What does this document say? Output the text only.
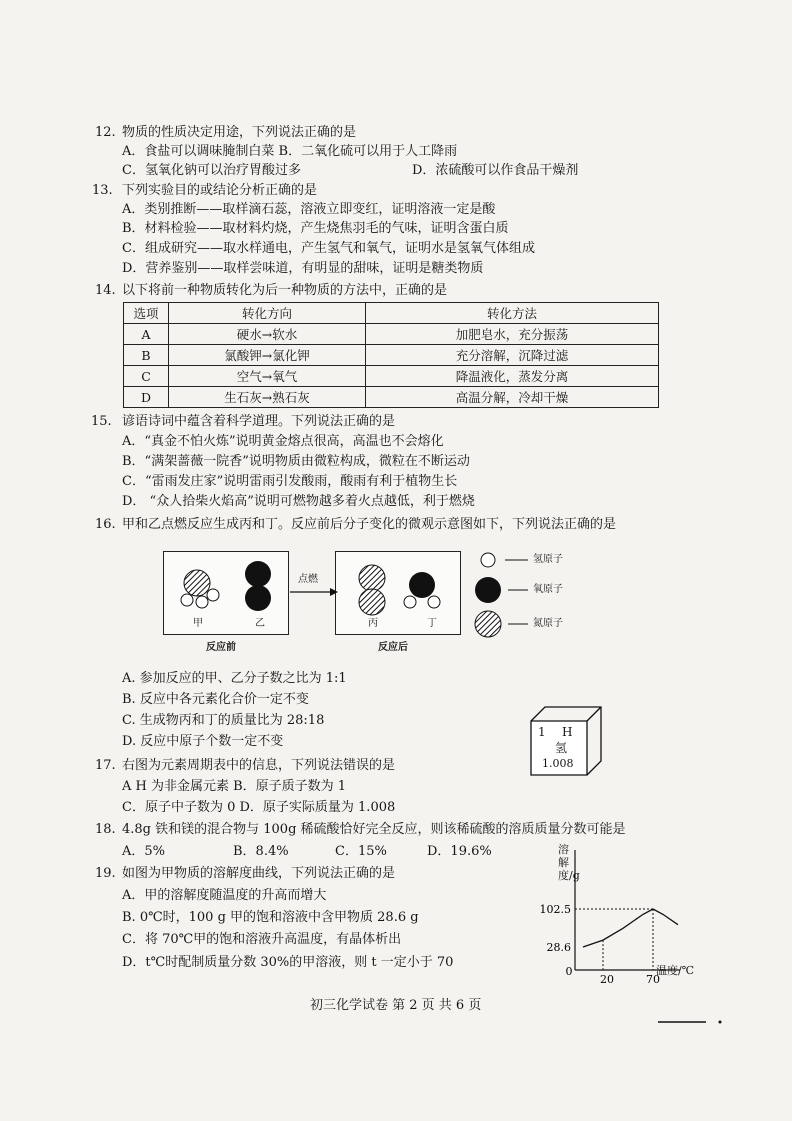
12. 物质的性质决定用途，下列说法正确的是
A．食盐可以调味腌制白菜 B．二氧化硫可以用于人工降雨
C．氢氧化钠可以治疗胃酸过多	D．浓硫酸可以作食品干燥剂
13. 下列实验目的或结论分析正确的是
A．类别推断——取样滴石蕊，溶液立即变红，证明溶液一定是酸
B．材料检验——取材料灼烧，产生烧焦羽毛的气味，证明含蛋白质
C．组成研究——取水样通电，产生氢气和氧气，证明水是氢氧气体组成
D．营养鉴别——取样尝味道，有明显的甜味，证明是糖类物质
14. 以下将前一种物质转化为后一种物质的方法中，正确的是
选项	转化方向	转化方法
A	硬水→软水	加肥皂水，充分振荡
B	氯酸钾→氯化钾	充分溶解，沉降过滤
C	空气→氧气	降温液化，蒸发分离
D	生石灰→熟石灰	高温分解，冷却干燥
15. 谚语诗词中蕴含着科学道理。下列说法正确的是
A．“真金不怕火炼”说明黄金熔点很高，高温也不会熔化
B．“满架蔷薇一院香”说明物质由微粒构成，微粒在不断运动
C．“雷雨发庄家”说明雷雨引发酸雨，酸雨有利于植物生长
D． “众人拾柴火焰高”说明可燃物越多着火点越低，利于燃烧
16. 甲和乙点燃反应生成丙和丁。反应前后分子变化的微观示意图如下，下列说法正确的是
点燃
甲	乙	丙	丁
反应前	反应后
氢原子
氧原子
氮原子
A. 参加反应的甲、乙分子数之比为 1:1
B. 反应中各元素化合价一定不变
C. 生成物丙和丁的质量比为 28:18
D. 反应中原子个数一定不变
1 H
氢
1.008
17. 右图为元素周期表中的信息，下列说法错误的是
A H 为非金属元素 B．原子质子数为 1
C．原子中子数为 0 D．原子实际质量为 1.008
18. 4.8g 铁和镁的混合物与 100g 稀硫酸恰好完全反应，则该稀硫酸的溶质质量分数可能是
A．5%	B．8.4%	C．15%	D．19.6%
19. 如图为甲物质的溶解度曲线，下列说法正确的是
A．甲的溶解度随温度的升高而增大
B. 0℃时，100 g 甲的饱和溶液中含甲物质 28.6 g
C．将 70℃甲的饱和溶液升高温度，有晶体析出
D．t℃时配制质量分数 30%的甲溶液，则 t 一定小于 70
28.6
102.5
0
20	70
溶解度/g
温度/℃
初三化学试卷 第 2 页 共 6 页
